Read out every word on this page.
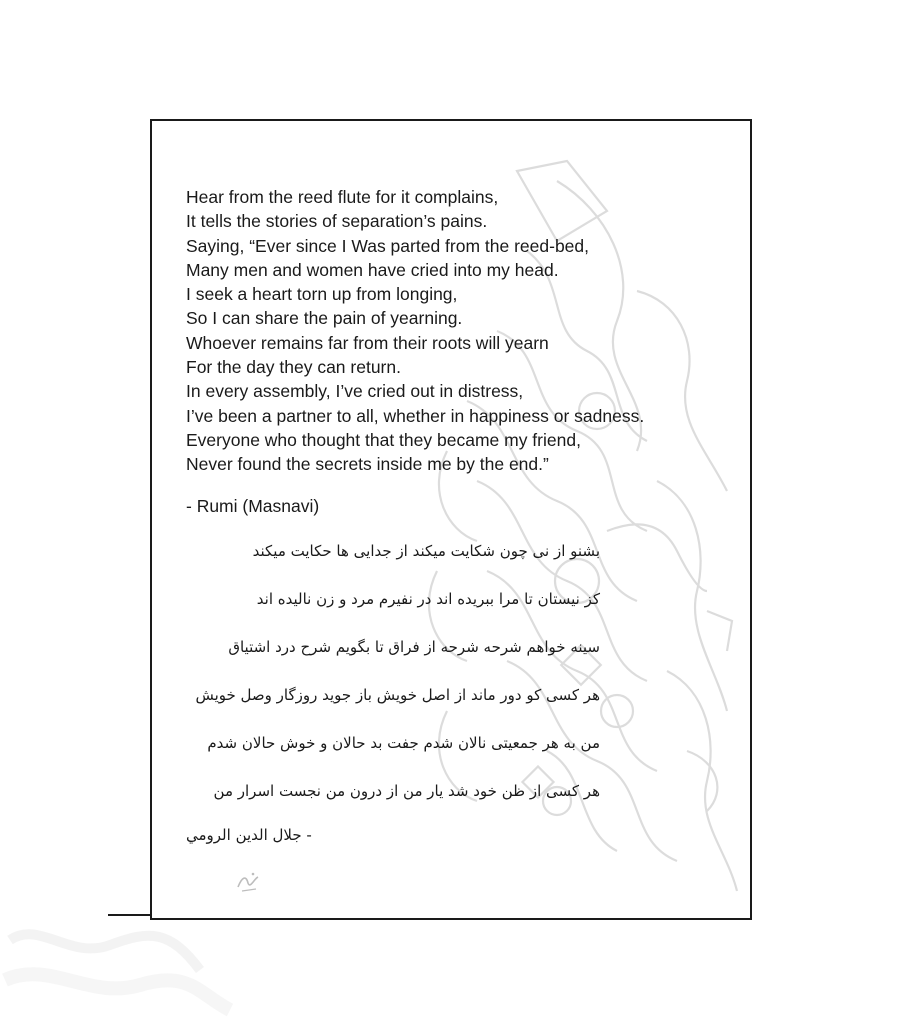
Hear from the reed flute for it complains,
It tells the stories of separation’s pains.
Saying, “Ever since I Was parted from the reed-bed,
Many men and women have cried into my head.
I seek a heart torn up from longing,
So I can share the pain of yearning.
Whoever remains far from their roots will yearn
For the day they can return.
In every assembly, I’ve cried out in distress,
I’ve been a partner to all, whether in happiness or sadness.
Everyone who thought that they became my friend,
Never found the secrets inside me by the end.”
- Rumi (Masnavi)
بشنو از نی چون شکایت میکند از جدایی ها حکایت میکند
کز نیستان تا مرا ببریده اند در نفیرم مرد و زن نالیده اند
سینه خواهم شرحه شرحه از فراق تا بگویم شرح درد اشتیاق
هر کسی کو دور ماند از اصل خویش باز جوید روزگار وصل خویش
من به هر جمعیتی نالان شدم جفت بد حالان و خوش حالان شدم
هر کسی از ظن خود شد یار من از درون من نجست اسرار من
- جلال الدين الرومي
